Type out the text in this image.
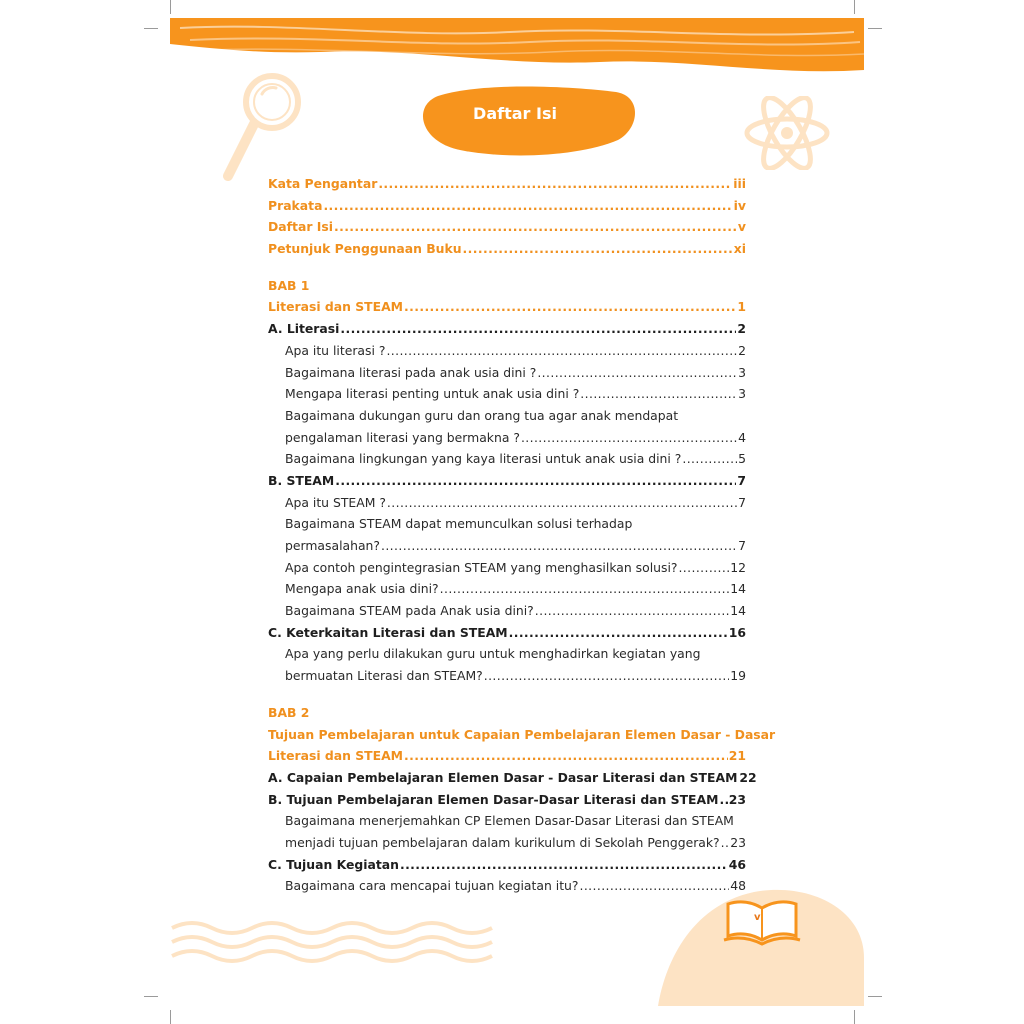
Daftar Isi
Kata Pengantar .....	iii
Prakata .....	iv
Daftar Isi .....	v
Petunjuk Penggunaan Buku .....	xi
BAB 1
Literasi dan STEAM .....	1
A. Literasi .....	2
Apa itu literasi ? .....	2
Bagaimana literasi pada anak usia dini ? .....	3
Mengapa literasi penting untuk anak usia dini ? .....	3
Bagaimana dukungan guru dan orang tua agar anak mendapat
pengalaman literasi yang bermakna ? .....	4
Bagaimana lingkungan yang kaya literasi untuk anak usia dini ? .....	5
B. STEAM .....	7
Apa itu STEAM ? .....	7
Bagaimana STEAM dapat memunculkan solusi terhadap
permasalahan? .....	7
Apa contoh pengintegrasian STEAM yang menghasilkan solusi? .....	12
Mengapa anak usia dini? .....	14
Bagaimana STEAM pada Anak usia dini? .....	14
C. Keterkaitan Literasi dan STEAM .....	16
Apa yang perlu dilakukan guru untuk menghadirkan kegiatan yang
bermuatan Literasi dan STEAM? .....	19
BAB 2
Tujuan Pembelajaran untuk Capaian Pembelajaran Elemen Dasar - Dasar
Literasi dan STEAM .....	21
A. Capaian Pembelajaran Elemen Dasar - Dasar Literasi dan STEAM 22
B. Tujuan Pembelajaran Elemen Dasar-Dasar Literasi dan STEAM ..... 23
Bagaimana menerjemahkan CP Elemen Dasar-Dasar Literasi dan STEAM
menjadi tujuan pembelajaran dalam kurikulum di Sekolah Penggerak? ..... 23
C. Tujuan Kegiatan .....	46
Bagaimana cara mencapai tujuan kegiatan itu? .....	48
v
